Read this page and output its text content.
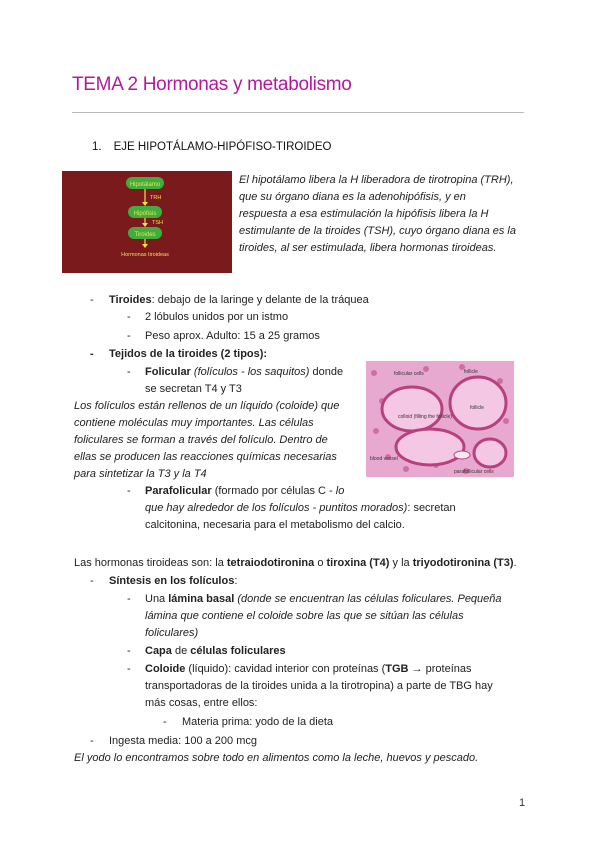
TEMA 2 Hormonas y metabolismo
1. EJE HIPOTÁLAMO-HIPÓFISO-TIROIDEO
Hipotálamo
TRH
Hipófisis
TSH
Tiroides
Hormonas tiroideas
El hipotálamo libera la H liberadora de tirotropina (TRH),
que su órgano diana es la adenohipófisis, y en
respuesta a esa estimulación la hipófisis libera la H
estimulante de la tiroides (TSH), cuyo órgano diana es la
tiroides, al ser estimulada, libera hormonas tiroideas.
- Tiroides: debajo de la laringe y delante de la tráquea
- 2 lóbulos unidos por un istmo
- Peso aprox. Adulto: 15 a 25 gramos
- Tejidos de la tiroides (2 tipos):
- Folicular (folículos - los saquitos) donde
se secretan T4 y T3
follicular cells	follicle
colloid (filling the follicle)
follicle
blood vessel
parafollicular cells
Los folículos están rellenos de un líquido (coloide) que
contiene moléculas muy importantes. Las células
foliculares se forman a través del folículo. Dentro de
ellas se producen las reacciones químicas necesarias
para sintetizar la T3 y la T4
- Parafolicular (formado por células C - lo
que hay alrededor de los folículos - puntitos morados): secretan
calcitonina, necesaria para el metabolismo del calcio.
Las hormonas tiroideas son: la tetraiodotironina o tiroxina (T4) y la triyodotironina (T3).
- Síntesis en los folículos:
- Una lámina basal (donde se encuentran las células foliculares. Pequeña
lámina que contiene el coloide sobre las que se sitúan las células
foliculares)
- Capa de células foliculares
- Coloide (líquido): cavidad interior con proteínas (TGB → proteínas
transportadoras de la tiroides unida a la tirotropina) a parte de TBG hay
más cosas, entre ellos:
- Materia prima: yodo de la dieta
- Ingesta media: 100 a 200 mcg
El yodo lo encontramos sobre todo en alimentos como la leche, huevos y pescado.
1
